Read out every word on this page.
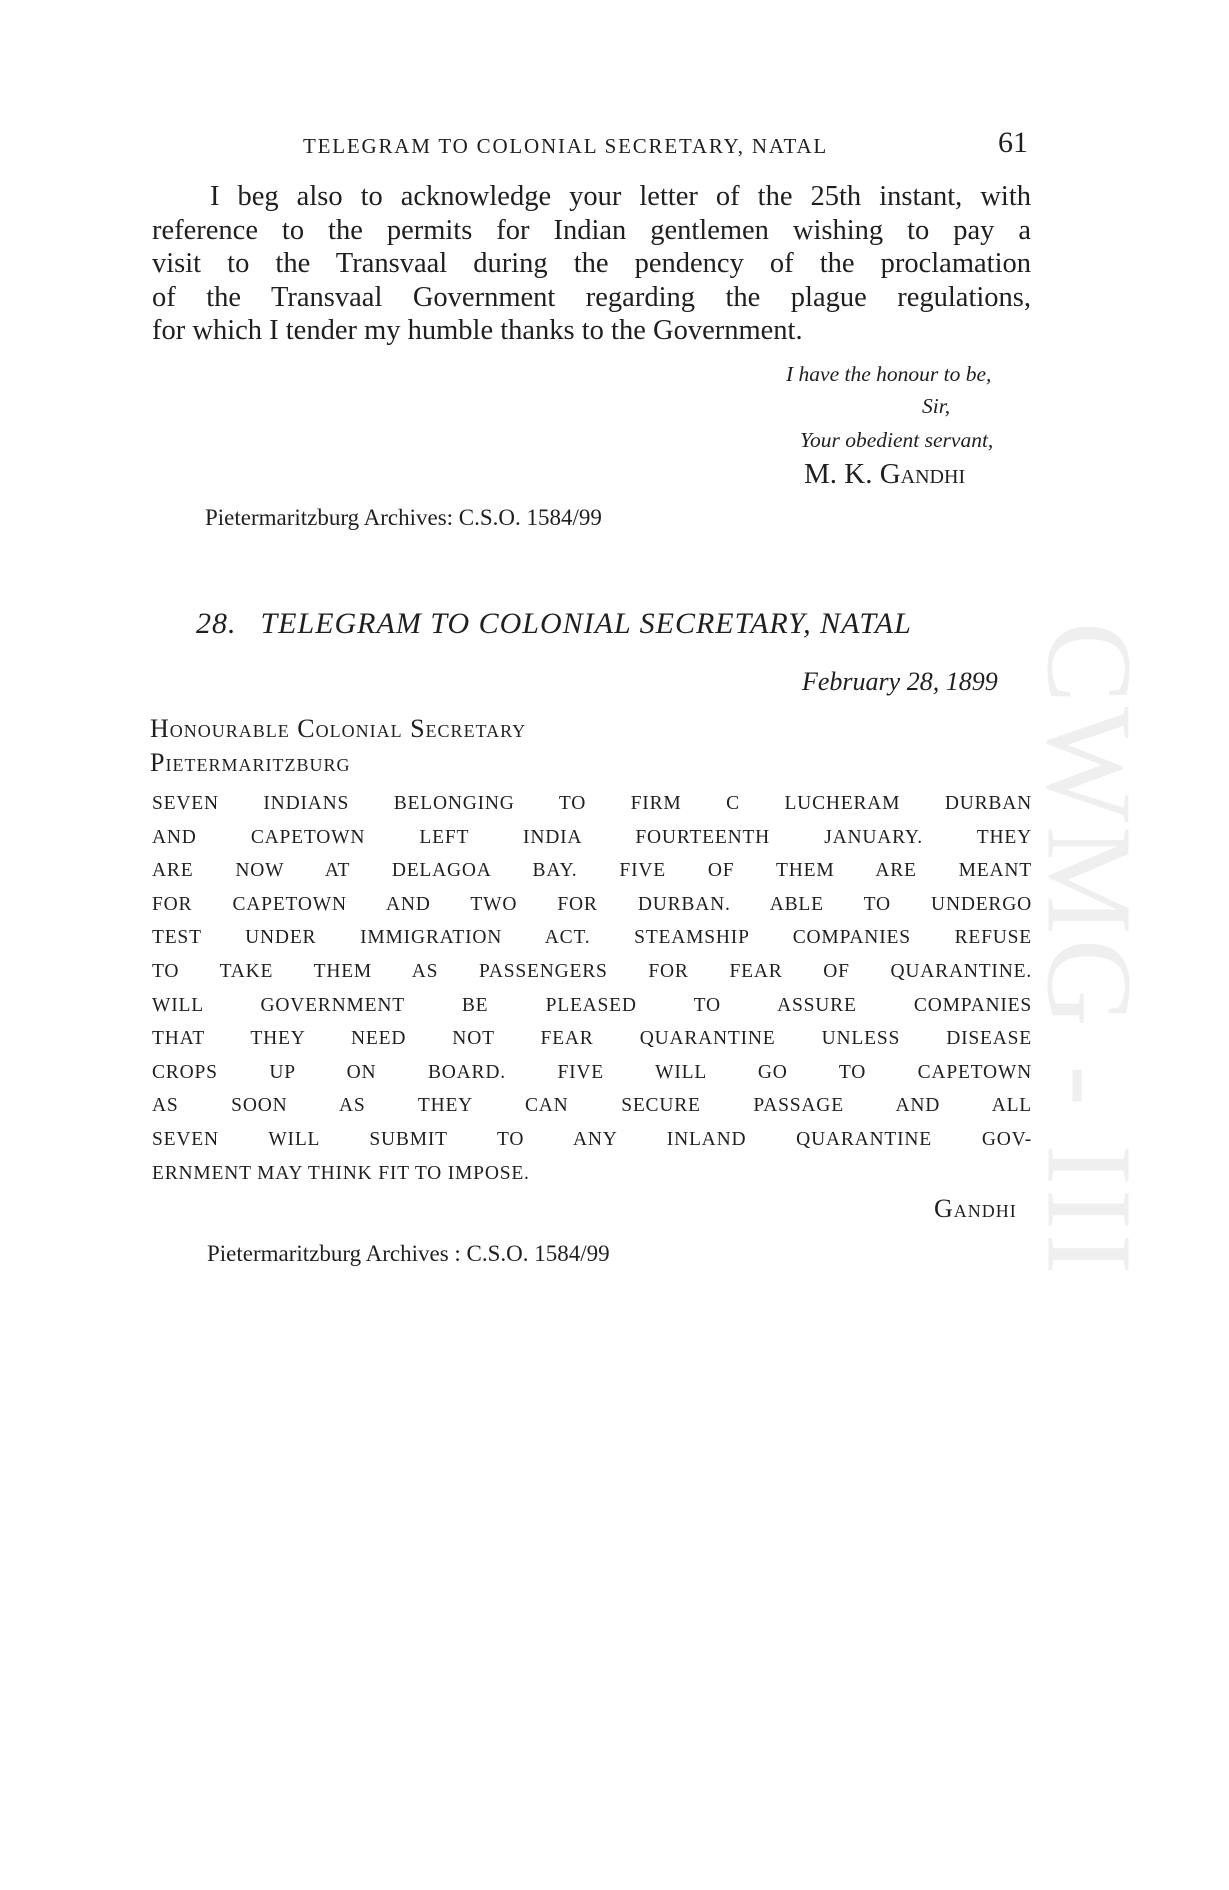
CWMG - III
TELEGRAM TO COLONIAL SECRETARY, NATAL	61

I beg also to acknowledge your letter of the 25th instant, with
reference to the permits for Indian gentlemen wishing to pay a
visit to the Transvaal during the pendency of the proclamation
of the Transvaal Government regarding the plague regulations,
for which I tender my humble thanks to the Government.

I have the honour to be,
Sir,
Your obedient servant,
M. K. Gandhi
Pietermaritzburg Archives: C.S.O. 1584/99
28. TELEGRAM TO COLONIAL SECRETARY, NATAL
February 28, 1899
Honourable Colonial Secretary
Pietermaritzburg
SEVEN INDIANS BELONGING TO FIRM C LUCHERAM DURBAN
AND CAPETOWN LEFT INDIA FOURTEENTH JANUARY. THEY
ARE NOW AT DELAGOA BAY. FIVE OF THEM ARE MEANT
FOR CAPETOWN AND TWO FOR DURBAN. ABLE TO UNDERGO
TEST UNDER IMMIGRATION ACT. STEAMSHIP COMPANIES REFUSE
TO TAKE THEM AS PASSENGERS FOR FEAR OF QUARANTINE.
WILL GOVERNMENT BE PLEASED TO ASSURE COMPANIES
THAT THEY NEED NOT FEAR QUARANTINE UNLESS DISEASE
CROPS UP ON BOARD. FIVE WILL GO TO CAPETOWN
AS SOON AS THEY CAN SECURE PASSAGE AND ALL
SEVEN WILL SUBMIT TO ANY INLAND QUARANTINE GOV-
ERNMENT MAY THINK FIT TO IMPOSE.
Gandhi
Pietermaritzburg Archives : C.S.O. 1584/99
